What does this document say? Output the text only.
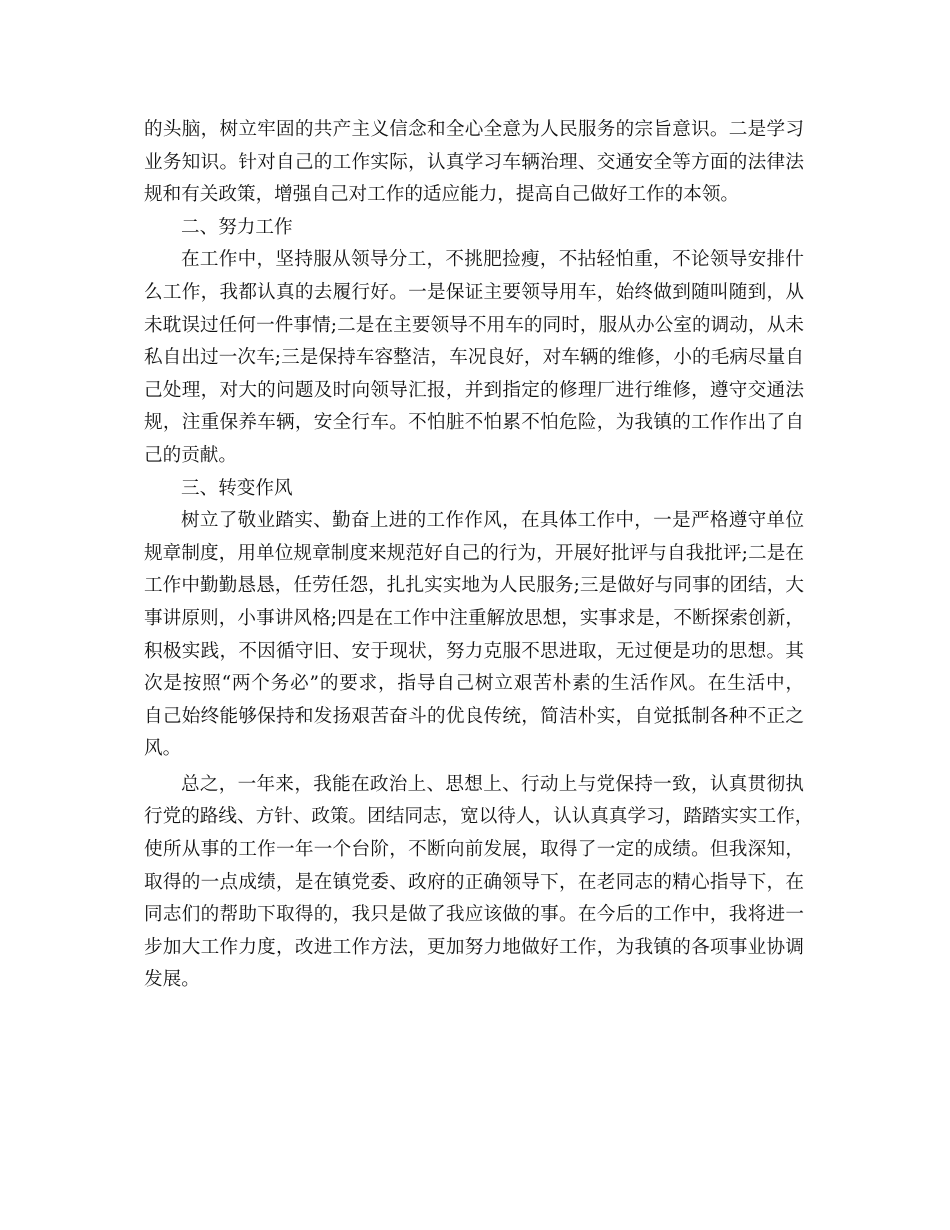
的头脑，树立牢固的共产主义信念和全心全意为人民服务的宗旨意识。二是学习
业务知识。针对自己的工作实际，认真学习车辆治理、交通安全等方面的法律法
规和有关政策，增强自己对工作的适应能力，提高自己做好工作的本领。
二、努力工作
在工作中，坚持服从领导分工，不挑肥捡瘦，不拈轻怕重，不论领导安排什
么工作，我都认真的去履行好。一是保证主要领导用车，始终做到随叫随到，从
未耽误过任何一件事情;二是在主要领导不用车的同时，服从办公室的调动，从未
私自出过一次车;三是保持车容整洁，车况良好，对车辆的维修，小的毛病尽量自
己处理，对大的问题及时向领导汇报，并到指定的修理厂进行维修，遵守交通法
规，注重保养车辆，安全行车。不怕脏不怕累不怕危险，为我镇的工作作出了自
己的贡献。
三、转变作风
树立了敬业踏实、勤奋上进的工作作风，在具体工作中，一是严格遵守单位
规章制度，用单位规章制度来规范好自己的行为，开展好批评与自我批评;二是在
工作中勤勤恳恳，任劳任怨，扎扎实实地为人民服务;三是做好与同事的团结，大
事讲原则，小事讲风格;四是在工作中注重解放思想，实事求是，不断探索创新，
积极实践，不因循守旧、安于现状，努力克服不思进取，无过便是功的思想。其
次是按照“两个务必”的要求，指导自己树立艰苦朴素的生活作风。在生活中，
自己始终能够保持和发扬艰苦奋斗的优良传统，简洁朴实，自觉抵制各种不正之
风。
总之，一年来，我能在政治上、思想上、行动上与党保持一致，认真贯彻执
行党的路线、方针、政策。团结同志，宽以待人，认认真真学习，踏踏实实工作，
使所从事的工作一年一个台阶，不断向前发展，取得了一定的成绩。但我深知，
取得的一点成绩，是在镇党委、政府的正确领导下，在老同志的精心指导下，在
同志们的帮助下取得的，我只是做了我应该做的事。在今后的工作中，我将进一
步加大工作力度，改进工作方法，更加努力地做好工作，为我镇的各项事业协调
发展。
